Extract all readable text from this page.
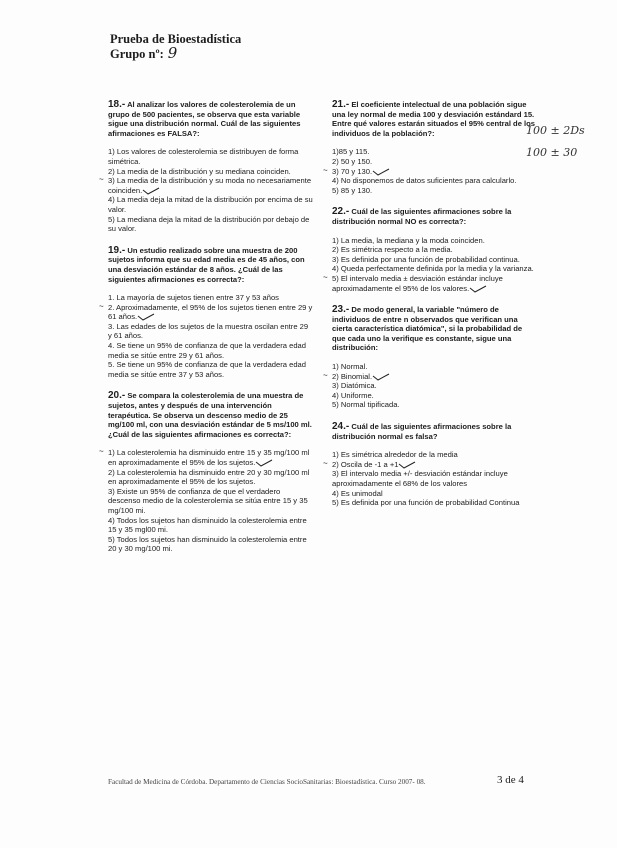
Prueba de Bioestadística
Grupo nº: 9
18.- Al analizar los valores de colesterolemia de un grupo de 500 pacientes, se observa que esta variable sigue una distribución normal. Cuál de las siguientes afirmaciones es FALSA?:
1) Los valores de colesterolemia se distribuyen de forma simétrica.
2) La media de la distribución y su mediana coinciden.
~ 3) La media de la distribución y su moda no necesariamente coinciden.
4) La media deja la mitad de la distribución por encima de su valor.
5) La mediana deja la mitad de la distribución por debajo de su valor.
19.- Un estudio realizado sobre una muestra de 200 sujetos informa que su edad media es de 45 años, con una desviación estándar de 8 años. ¿Cuál de las siguientes afirmaciones es correcta?:
1. La mayoría de sujetos tienen entre 37 y 53 años
~ 2. Aproximadamente, el 95% de los sujetos tienen entre 29 y 61 años.
3. Las edades de los sujetos de la muestra oscilan entre 29 y 61 años.
4. Se tiene un 95% de confianza de que la verdadera edad media se sitúe entre 29 y 61 años.
5. Se tiene un 95% de confianza de que la verdadera edad media se sitúe entre 37 y 53 años.
20.- Se compara la colesterolemia de una muestra de sujetos, antes y después de una intervención terapéutica. Se observa un descenso medio de 25 mg/100 ml, con una desviación estándar de 5 ms/100 ml. ¿Cuál de las siguientes afirmaciones es correcta?:
~ 1) La colesterolemia ha disminuido entre 15 y 35 mg/100 ml en aproximadamente el 95% de los sujetos.
2) La colesterolemia ha disminuido entre 20 y 30 mg/100 ml en aproximadamente el 95% de los sujetos.
3) Existe un 95% de confianza de que el verdadero descenso medio de la colesterolemia se sitúa entre 15 y 35 mg/100 mi.
4) Todos los sujetos han disminuido la colesterolemia entre 15 y 35 mgl00 mi.
5) Todos los sujetos han disminuido la colesterolemia entre 20 y 30 mg/100 mi.
21.- El coeficiente intelectual de una población sigue una ley normal de media 100 y desviación estándard 15. Entre qué valores estarán situados el 95% central de los individuos de la población?:
1)85 y 115.
2) 50 y 150.
~ 3) 70 y 130.
4) No disponemos de datos suficientes para calcularlo.
5) 85 y 130.
22.- Cuál de las siguientes afirmaciones sobre la distribución normal NO es correcta?:
1) La media, la mediana y la moda coinciden.
2) Es simétrica respecto a la media.
3) Es definida por una función de probabilidad continua.
4) Queda perfectamente definida por la media y la varianza.
~ 5) El intervalo media ± desviación estándar incluye aproximadamente el 95% de los valores.
23.- De modo general, la variable "número de individuos de entre n observados que verifican una cierta característica diatómica", si la probabilidad de que cada uno la verifique es constante, sigue una distribución:
1) Normal.
~ 2) Binomial.
3) Diatómica.
4) Uniforme.
5) Normal tipificada.
24.- Cuál de las siguientes afirmaciones sobre la distribución normal es falsa?
1) Es simétrica alrededor de la media
~ 2) Oscila de -1 a +1
3) El intervalo media +/- desviación estándar incluye aproximadamente el 68% de los valores
4) Es unimodal
5) Es definida por una función de probabilidad Continua
100 ± 2Ds
100 ± 30
Facultad de Medicina de Córdoba. Departamento de Ciencias SocioSanitarias: Bioestadística. Curso 2007- 08.	3 de 4
